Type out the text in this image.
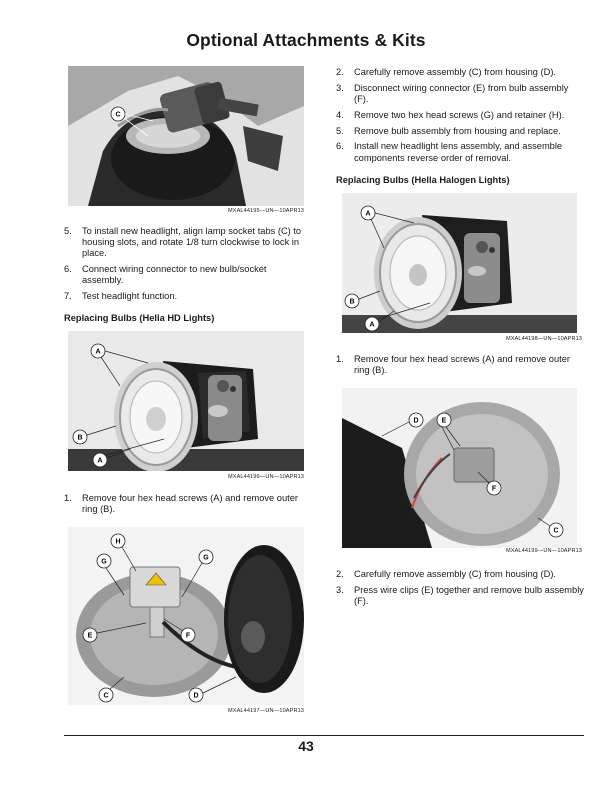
Optional Attachments & Kits
C
MXAL44195—UN—10APR13
5. To install new headlight, align lamp socket tabs (C) to housing slots, and rotate 1/8 turn clockwise to lock in place.
6. Connect wiring connector to new bulb/socket assembly.
7. Test headlight function.
Replacing Bulbs (Hella HD Lights)
A
B
A
MXAL44196—UN—10APR13
1. Remove four hex head screws (A) and remove outer ring (B).
H
G
G
E	F
C	D
MXAL44197—UN—10APR13
2. Carefully remove assembly (C) from housing (D).
3. Disconnect wiring connector (E) from bulb assembly (F).
4. Remove two hex head screws (G) and retainer (H).
5. Remove bulb assembly from housing and replace.
6. Install new headlight lens assembly, and assemble components reverse order of removal.
Replacing Bulbs (Hella Halogen Lights)
A
B
A
MXAL44198—UN—10APR13
1. Remove four hex head screws (A) and remove outer ring (B).
E
D
F
C
MXAL44199—UN—10APR13
2. Carefully remove assembly (C) from housing (D).
3. Press wire clips (E) together and remove bulb assembly (F).
43
